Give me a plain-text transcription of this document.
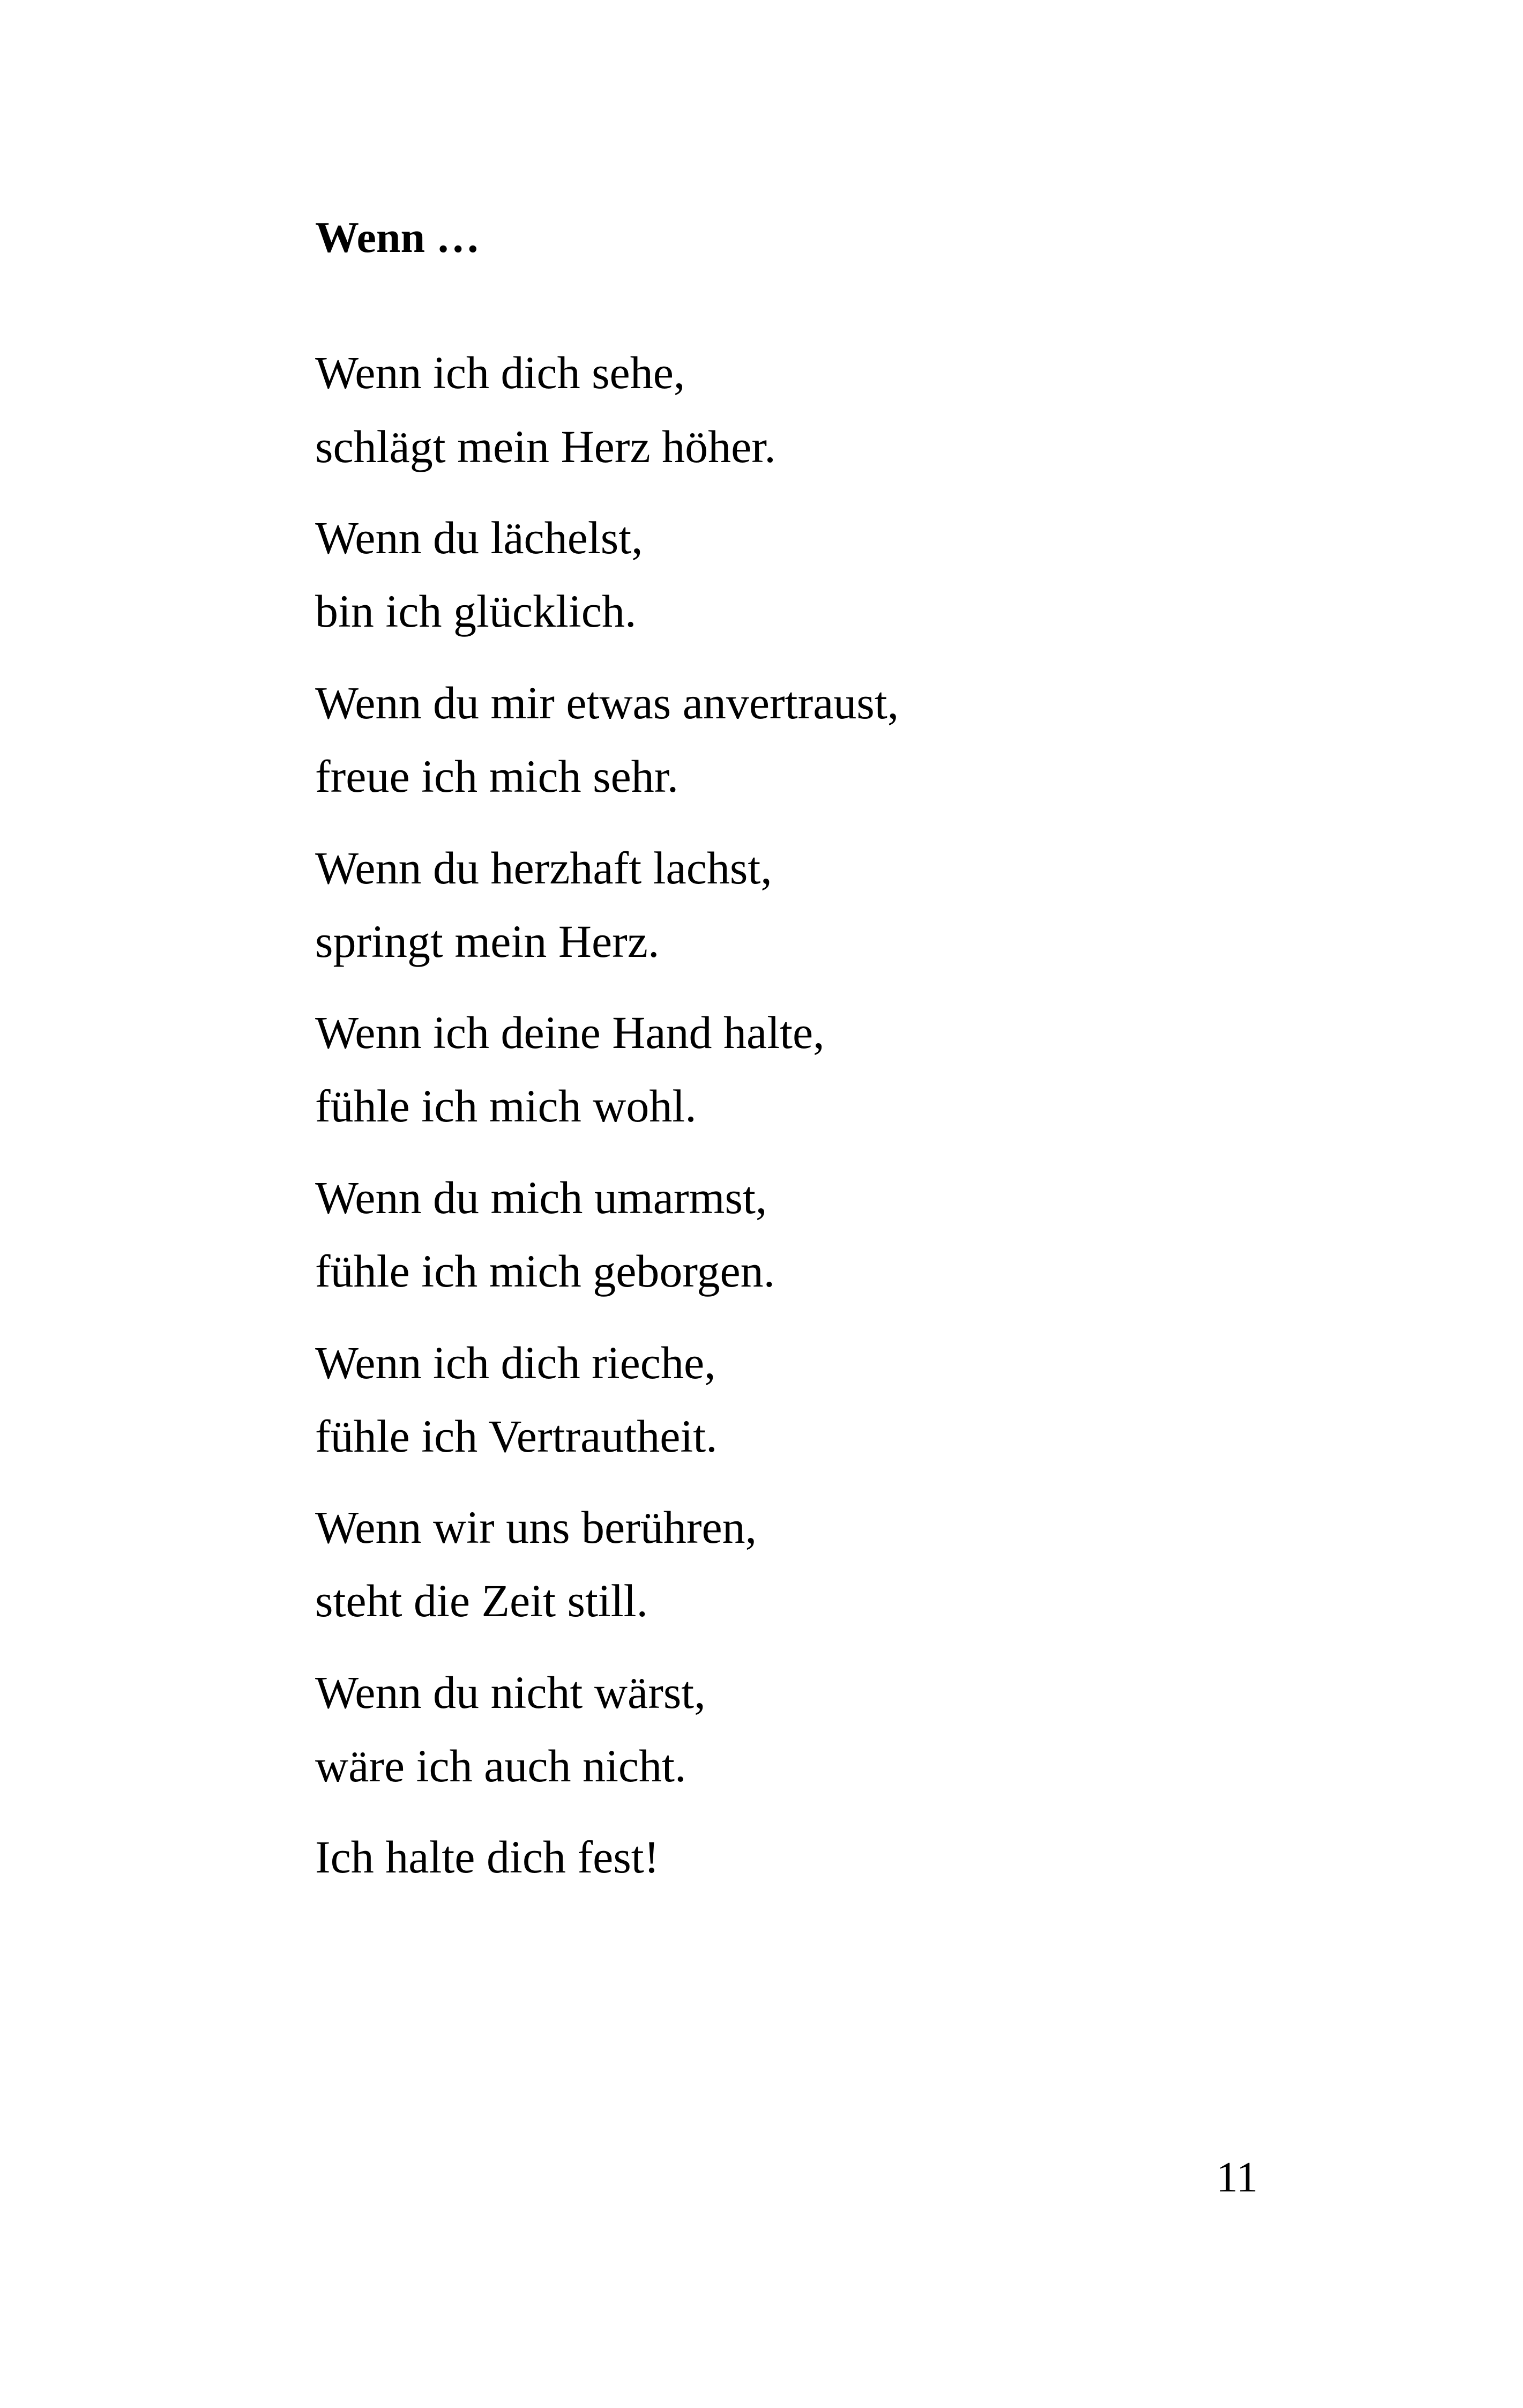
Wenn …
Wenn ich dich sehe,
schlägt mein Herz höher.
Wenn du lächelst,
bin ich glücklich.
Wenn du mir etwas anvertraust,
freue ich mich sehr.
Wenn du herzhaft lachst,
springt mein Herz.
Wenn ich deine Hand halte,
fühle ich mich wohl.
Wenn du mich umarmst,
fühle ich mich geborgen.
Wenn ich dich rieche,
fühle ich Vertrautheit.
Wenn wir uns berühren,
steht die Zeit still.
Wenn du nicht wärst,
wäre ich auch nicht.
Ich halte dich fest!
11
